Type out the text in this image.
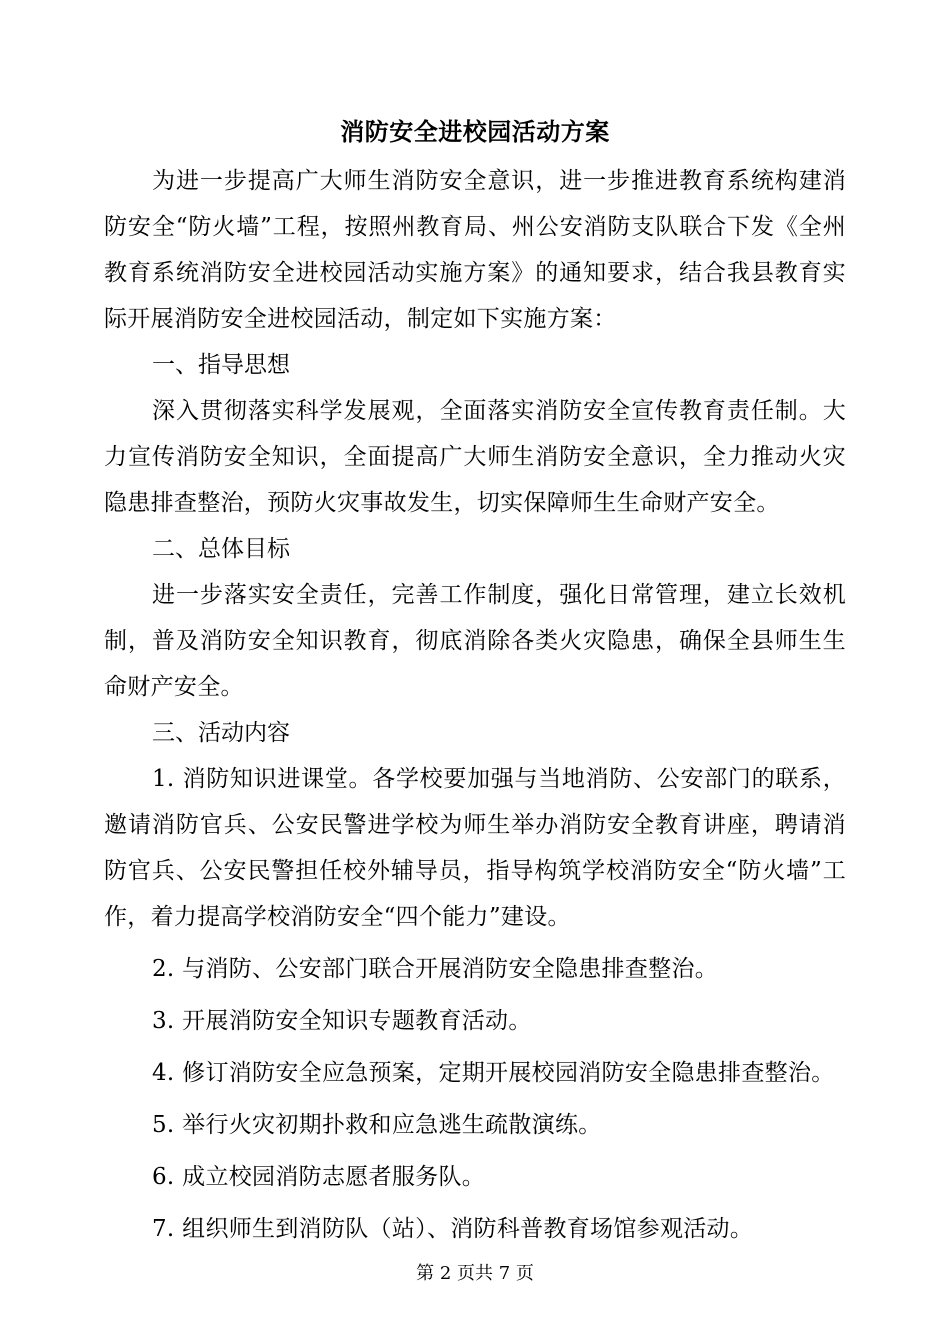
消防安全进校园活动方案

为进一步提高广大师生消防安全意识，进一步推进教育系统构建消防安全“防火墙”工程，按照州教育局、州公安消防支队联合下发《全州教育系统消防安全进校园活动实施方案》的通知要求，结合我县教育实际开展消防安全进校园活动，制定如下实施方案：

一、指导思想

深入贯彻落实科学发展观，全面落实消防安全宣传教育责任制。大力宣传消防安全知识，全面提高广大师生消防安全意识，全力推动火灾隐患排查整治，预防火灾事故发生，切实保障师生生命财产安全。

二、总体目标

进一步落实安全责任，完善工作制度，强化日常管理，建立长效机制，普及消防安全知识教育，彻底消除各类火灾隐患，确保全县师生生命财产安全。

三、活动内容

1. 消防知识进课堂。各学校要加强与当地消防、公安部门的联系，邀请消防官兵、公安民警进学校为师生举办消防安全教育讲座，聘请消防官兵、公安民警担任校外辅导员，指导构筑学校消防安全“防火墙”工作，着力提高学校消防安全“四个能力”建设。

2. 与消防、公安部门联合开展消防安全隐患排查整治。

3. 开展消防安全知识专题教育活动。

4. 修订消防安全应急预案，定期开展校园消防安全隐患排查整治。

5. 举行火灾初期扑救和应急逃生疏散演练。

6. 成立校园消防志愿者服务队。

7. 组织师生到消防队（站）、消防科普教育场馆参观活动。

第 2 页共 7 页
